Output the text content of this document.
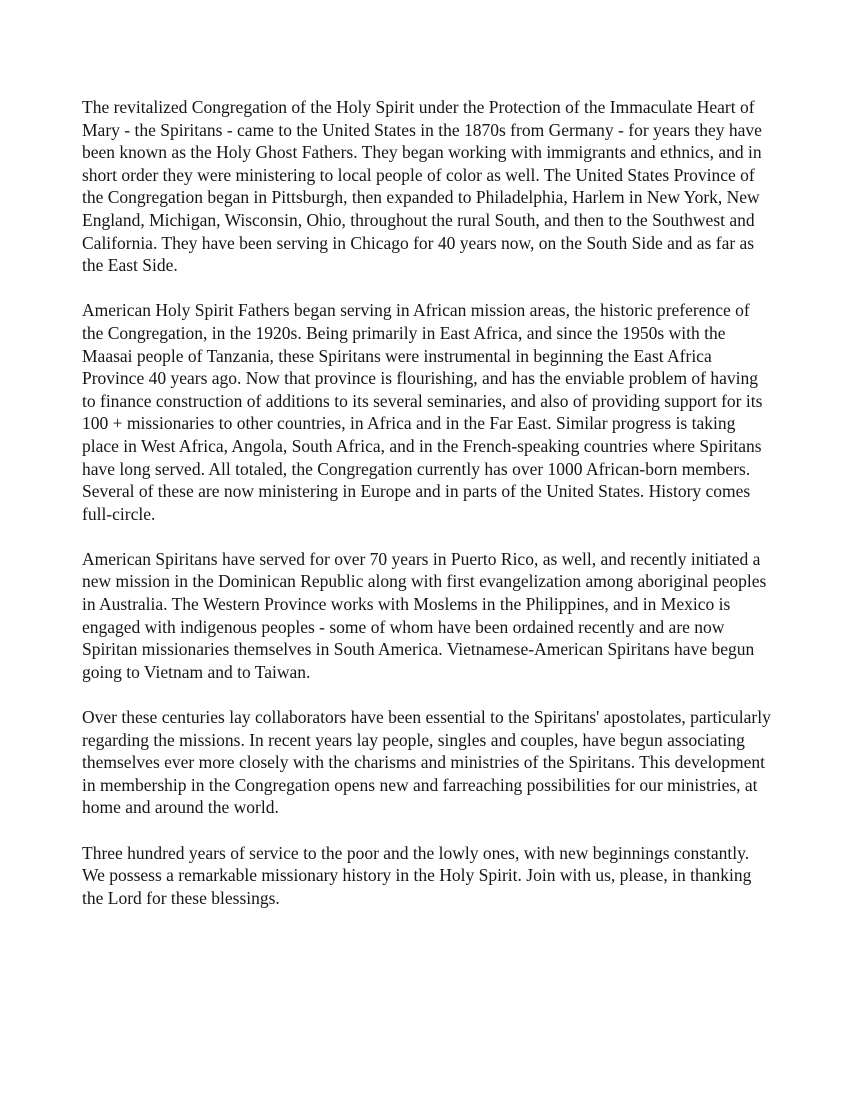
The revitalized Congregation of the Holy Spirit under the Protection of the Immaculate Heart of Mary - the Spiritans - came to the United States in the 1870s from Germany - for years they have been known as the Holy Ghost Fathers. They began working with immigrants and ethnics, and in short order they were ministering to local people of color as well. The United States Province of the Congregation began in Pittsburgh, then expanded to Philadelphia, Harlem in New York, New England, Michigan, Wisconsin, Ohio, throughout the rural South, and then to the Southwest and California. They have been serving in Chicago for 40 years now, on the South Side and as far as the East Side.

American Holy Spirit Fathers began serving in African mission areas, the historic preference of the Congregation, in the 1920s. Being primarily in East Africa, and since the 1950s with the Maasai people of Tanzania, these Spiritans were instrumental in beginning the East Africa Province 40 years ago. Now that province is flourishing, and has the enviable problem of having to finance construction of additions to its several seminaries, and also of providing support for its 100 + missionaries to other countries, in Africa and in the Far East. Similar progress is taking place in West Africa, Angola, South Africa, and in the French-speaking countries where Spiritans have long served. All totaled, the Congregation currently has over 1000 African-born members. Several of these are now ministering in Europe and in parts of the United States. History comes full-circle.

American Spiritans have served for over 70 years in Puerto Rico, as well, and recently initiated a new mission in the Dominican Republic along with first evangelization among aboriginal peoples in Australia. The Western Province works with Moslems in the Philippines, and in Mexico is engaged with indigenous peoples - some of whom have been ordained recently and are now Spiritan missionaries themselves in South America. Vietnamese-American Spiritans have begun going to Vietnam and to Taiwan.

Over these centuries lay collaborators have been essential to the Spiritans' apostolates, particularly regarding the missions. In recent years lay people, singles and couples, have begun associating themselves ever more closely with the charisms and ministries of the Spiritans. This development in membership in the Congregation opens new and farreaching possibilities for our ministries, at home and around the world.

Three hundred years of service to the poor and the lowly ones, with new beginnings constantly. We possess a remarkable missionary history in the Holy Spirit. Join with us, please, in thanking the Lord for these blessings.
